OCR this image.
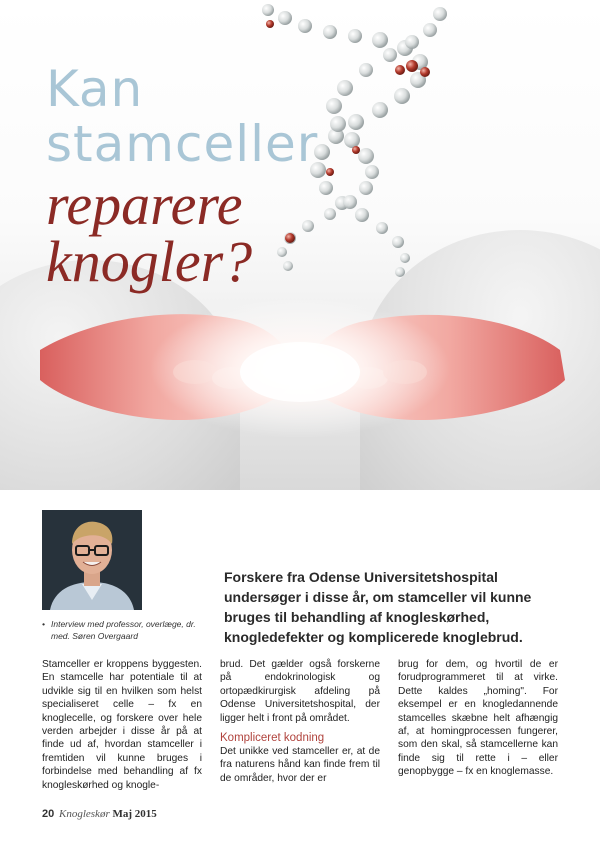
Kan
stamceller
reparere
knogler?
• Interview med professor, overlæge, dr. med. Søren Overgaard
Forskere fra Odense Universitetshospital undersøger i disse år, om stamceller vil kunne bruges til behandling af knogleskørhed, knogledefekter og komplicerede knoglebrud.

Stamceller er kroppens byggesten. En stamcelle har potentiale til at udvikle sig til en hvilken som helst specialiseret celle – fx en knoglecelle, og forskere over hele verden arbejder i disse år på at finde ud af, hvordan stamceller i fremtiden vil kunne bruges i forbindelse med behandling af fx knogleskørhed og knogle-

brud. Det gælder også forskerne på endokrinologisk og ortopædkirurgisk afdeling på Odense Universitetshospital, der ligger helt i front på området.

Kompliceret kodning

Det unikke ved stamceller er, at de fra naturens hånd kan finde frem til de områder, hvor der er

brug for dem, og hvortil de er forudprogrammeret til at virke. Dette kaldes „homing". For eksempel er en knogledannende stamcelles skæbne helt afhængig af, at homingprocessen fungerer, som den skal, så stamcellerne kan finde sig til rette i – eller genopbygge – fx en knoglemasse.

20 Knogleskør Maj 2015
